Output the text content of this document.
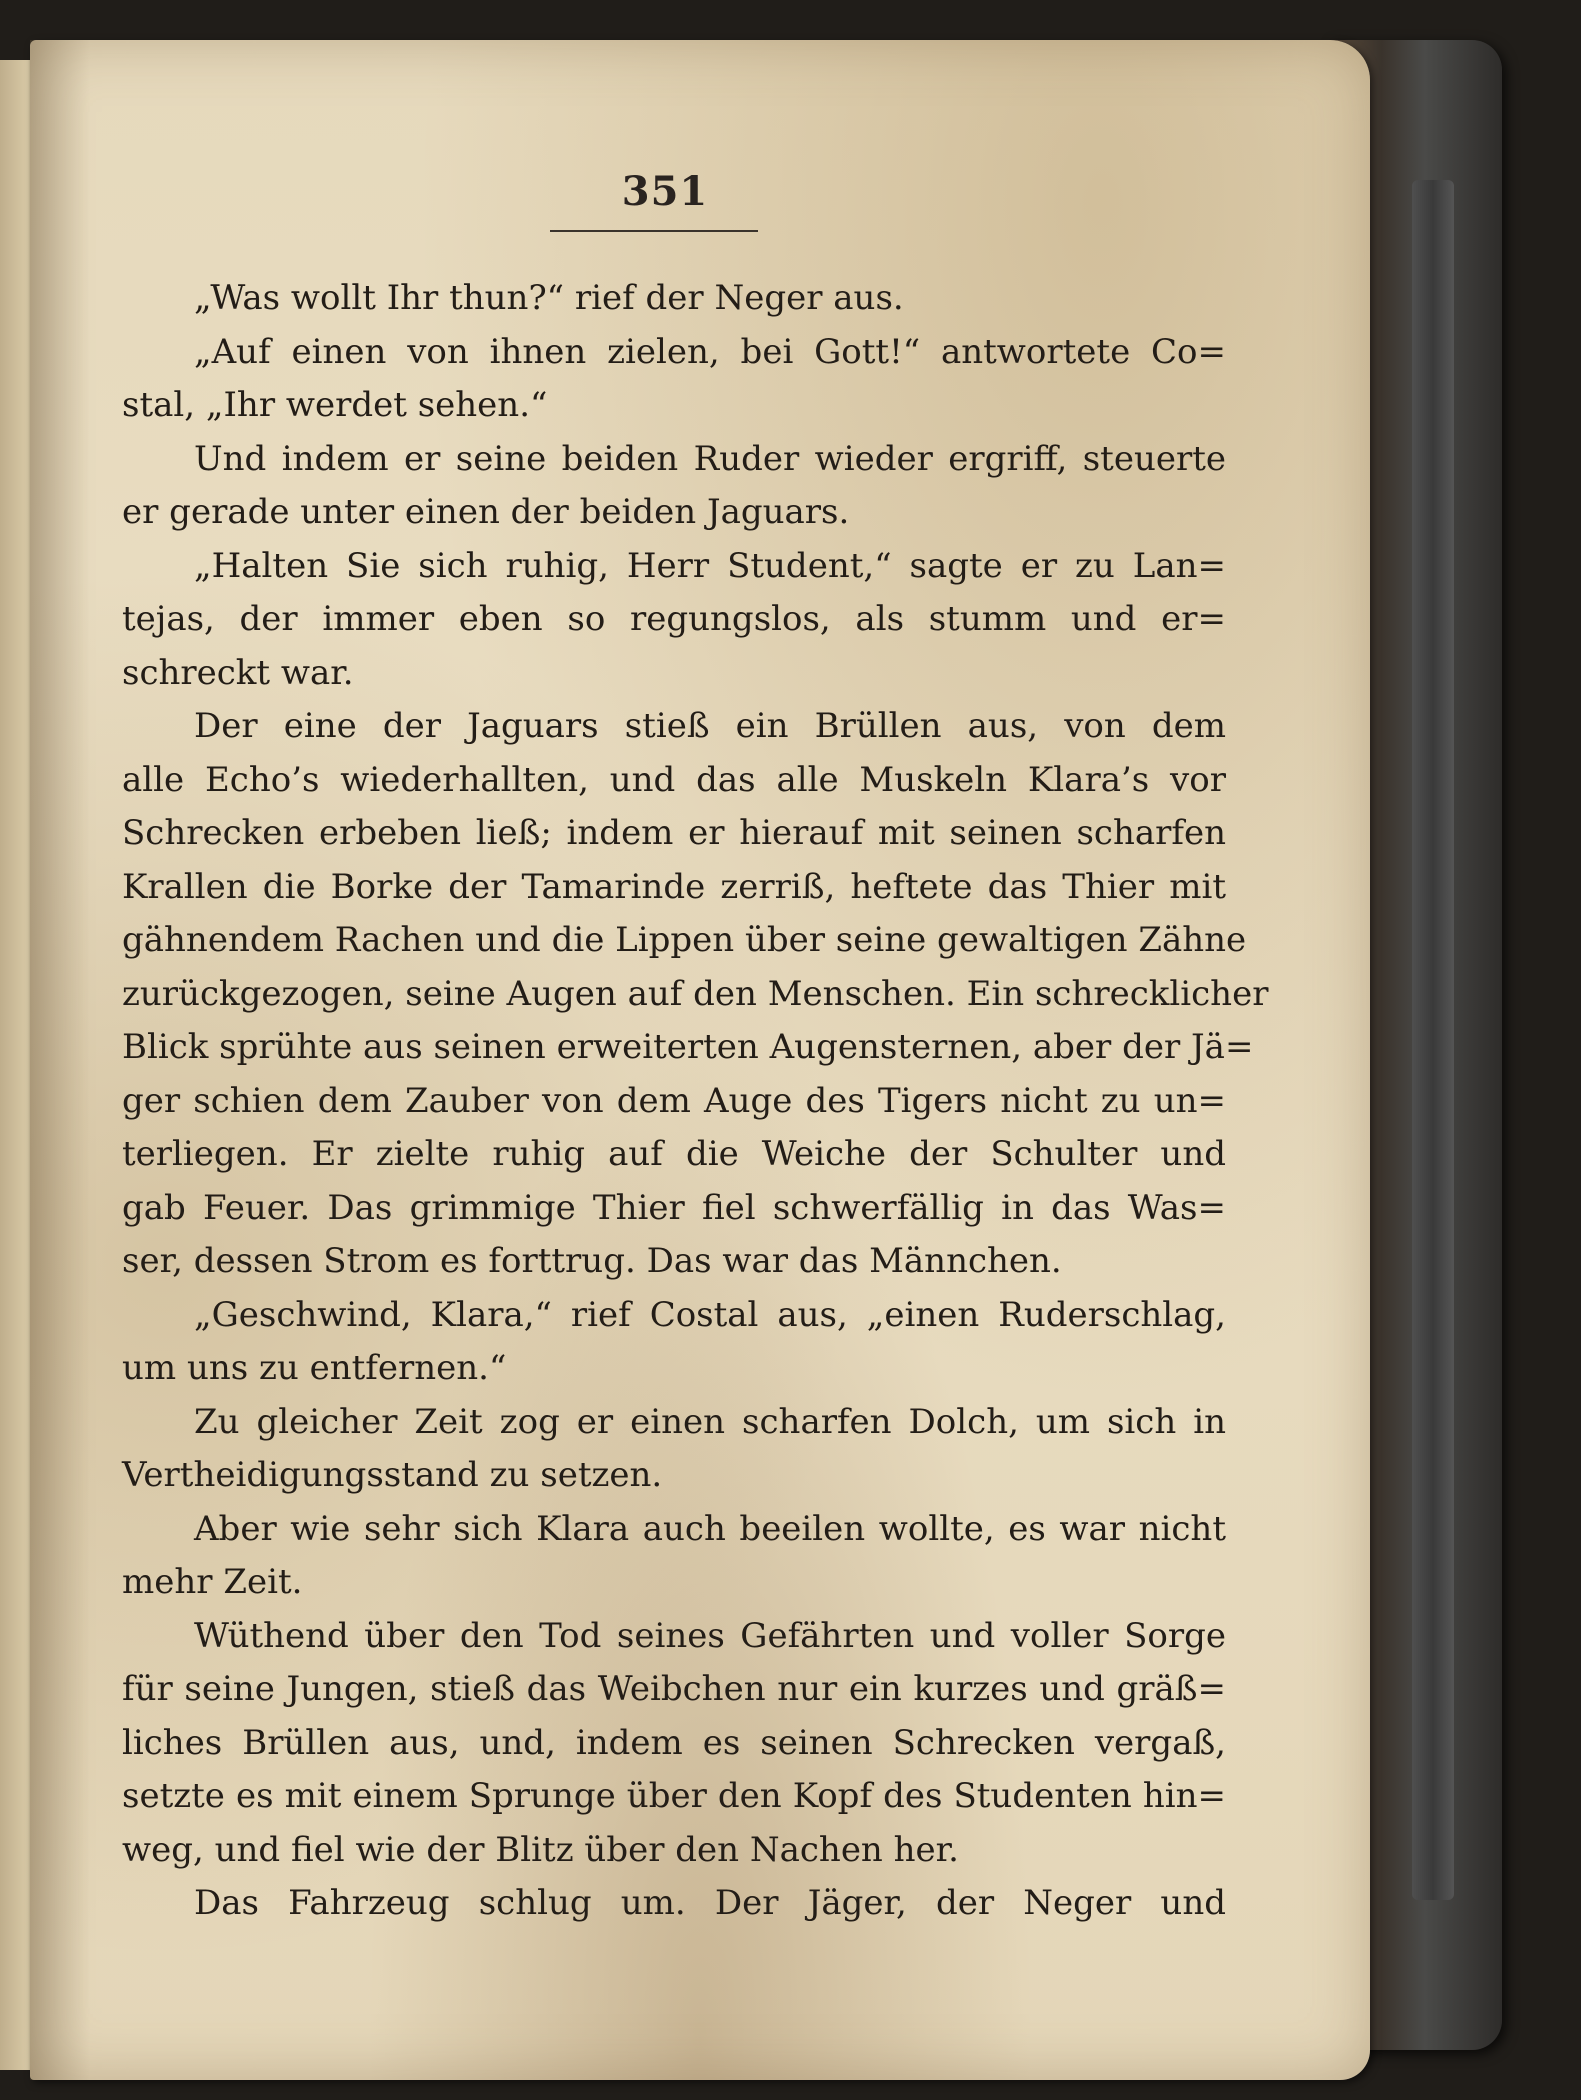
351
„Was wollt Ihr thun?“ rief der Neger aus.
„Auf einen von ihnen zielen, bei Gott!“ antwortete Co=
stal, „Ihr werdet sehen.“
Und indem er seine beiden Ruder wieder ergriff, steuerte
er gerade unter einen der beiden Jaguars.
„Halten Sie sich ruhig, Herr Student,“ sagte er zu Lan=
tejas, der immer eben so regungslos, als stumm und er=
schreckt war.
Der eine der Jaguars stieß ein Brüllen aus, von dem
alle Echo’s wiederhallten, und das alle Muskeln Klara’s vor
Schrecken erbeben ließ; indem er hierauf mit seinen scharfen
Krallen die Borke der Tamarinde zerriß, heftete das Thier mit
gähnendem Rachen und die Lippen über seine gewaltigen Zähne
zurückgezogen, seine Augen auf den Menschen. Ein schrecklicher
Blick sprühte aus seinen erweiterten Augensternen, aber der Jä=
ger schien dem Zauber von dem Auge des Tigers nicht zu un=
terliegen. Er zielte ruhig auf die Weiche der Schulter und
gab Feuer. Das grimmige Thier fiel schwerfällig in das Was=
ser, dessen Strom es forttrug. Das war das Männchen.
„Geschwind, Klara,“ rief Costal aus, „einen Ruderschlag,
um uns zu entfernen.“
Zu gleicher Zeit zog er einen scharfen Dolch, um sich in
Vertheidigungsstand zu setzen.
Aber wie sehr sich Klara auch beeilen wollte, es war nicht
mehr Zeit.
Wüthend über den Tod seines Gefährten und voller Sorge
für seine Jungen, stieß das Weibchen nur ein kurzes und gräß=
liches Brüllen aus, und, indem es seinen Schrecken vergaß,
setzte es mit einem Sprunge über den Kopf des Studenten hin=
weg, und fiel wie der Blitz über den Nachen her.
Das Fahrzeug schlug um. Der Jäger, der Neger und
